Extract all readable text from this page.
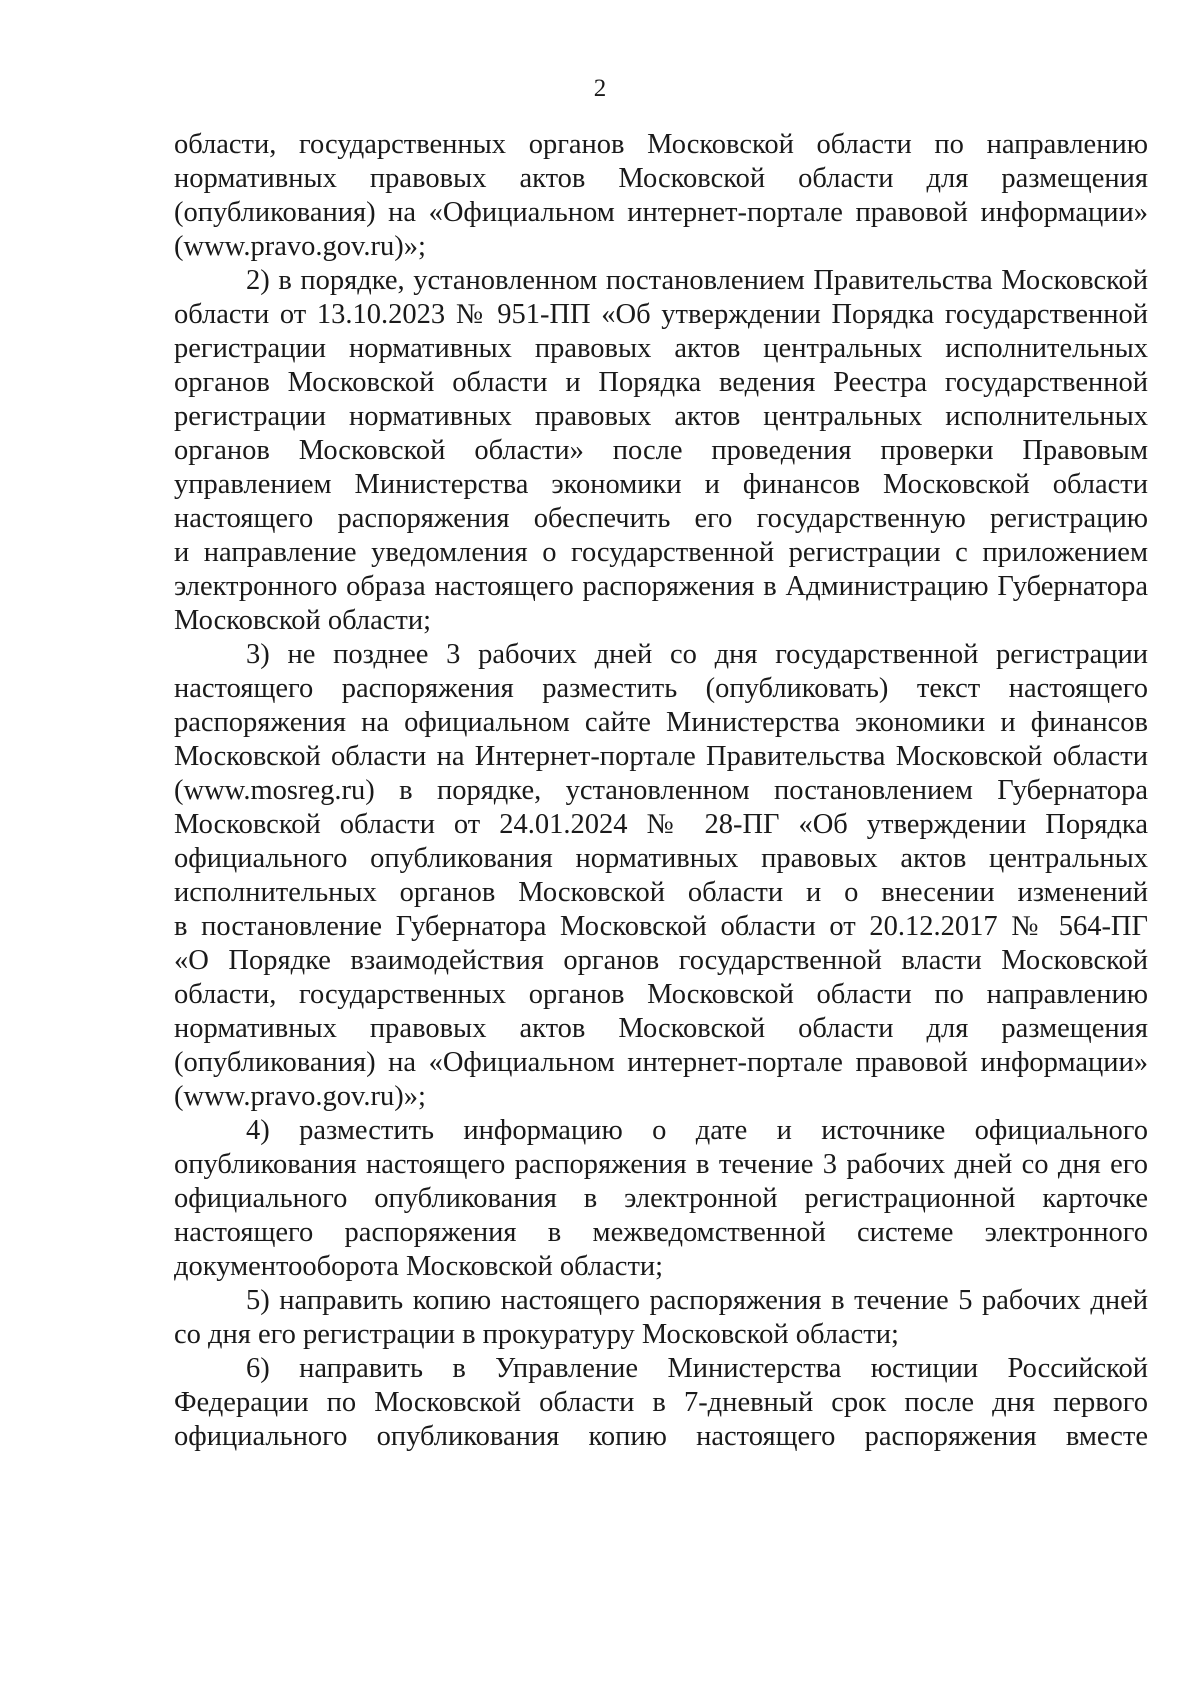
2
области, государственных органов Московской области по направлению
нормативных правовых актов Московской области для размещения
(опубликования) на «Официальном интернет-портале правовой информации»
(www.pravo.gov.ru)»;
2) в порядке, установленном постановлением Правительства Московской
области от 13.10.2023 № 951-ПП «Об утверждении Порядка государственной
регистрации нормативных правовых актов центральных исполнительных
органов Московской области и Порядка ведения Реестра государственной
регистрации нормативных правовых актов центральных исполнительных
органов Московской области» после проведения проверки Правовым
управлением Министерства экономики и финансов Московской области
настоящего распоряжения обеспечить его государственную регистрацию
и направление уведомления о государственной регистрации с приложением
электронного образа настоящего распоряжения в Администрацию Губернатора
Московской области;
3) не позднее 3 рабочих дней со дня государственной регистрации
настоящего распоряжения разместить (опубликовать) текст настоящего
распоряжения на официальном сайте Министерства экономики и финансов
Московской области на Интернет-портале Правительства Московской области
(www.mosreg.ru) в порядке, установленном постановлением Губернатора
Московской области от 24.01.2024 № 28-ПГ «Об утверждении Порядка
официального опубликования нормативных правовых актов центральных
исполнительных органов Московской области и о внесении изменений
в постановление Губернатора Московской области от 20.12.2017 № 564-ПГ
«О Порядке взаимодействия органов государственной власти Московской
области, государственных органов Московской области по направлению
нормативных правовых актов Московской области для размещения
(опубликования) на «Официальном интернет-портале правовой информации»
(www.pravo.gov.ru)»;
4) разместить информацию о дате и источнике официального
опубликования настоящего распоряжения в течение 3 рабочих дней со дня его
официального опубликования в электронной регистрационной карточке
настоящего распоряжения в межведомственной системе электронного
документооборота Московской области;
5) направить копию настоящего распоряжения в течение 5 рабочих дней
со дня его регистрации в прокуратуру Московской области;
6) направить в Управление Министерства юстиции Российской
Федерации по Московской области в 7-дневный срок после дня первого
официального опубликования копию настоящего распоряжения вместе
